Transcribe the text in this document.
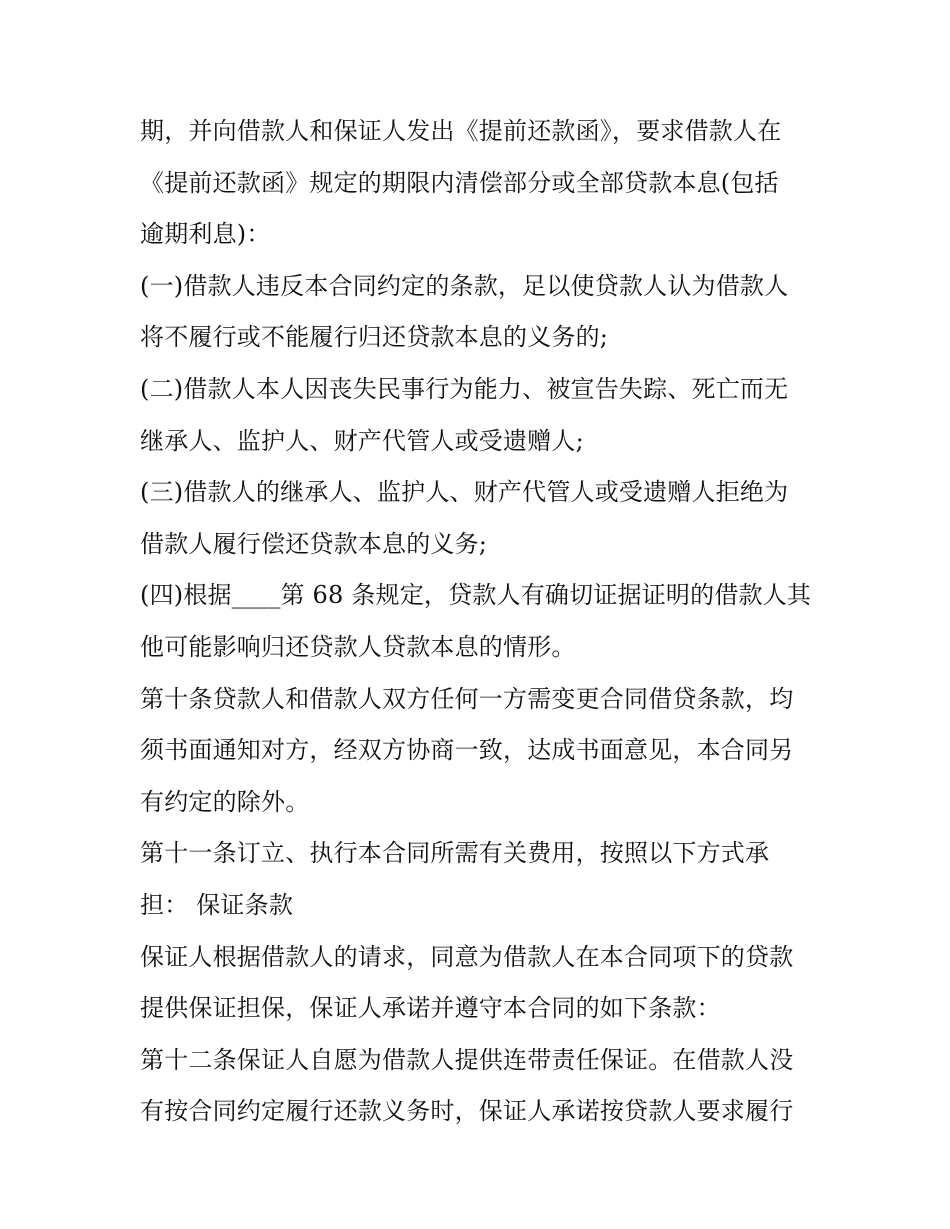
期，并向借款人和保证人发出《提前还款函》，要求借款人在
《提前还款函》规定的期限内清偿部分或全部贷款本息(包括
逾期利息)：
(一)借款人违反本合同约定的条款，足以使贷款人认为借款人
将不履行或不能履行归还贷款本息的义务的;
(二)借款人本人因丧失民事行为能力、被宣告失踪、死亡而无
继承人、监护人、财产代管人或受遗赠人;
(三)借款人的继承人、监护人、财产代管人或受遗赠人拒绝为
借款人履行偿还贷款本息的义务;
(四)根据____第 68 条规定，贷款人有确切证据证明的借款人其
他可能影响归还贷款人贷款本息的情形。
第十条贷款人和借款人双方任何一方需变更合同借贷条款，均
须书面通知对方，经双方协商一致，达成书面意见，本合同另
有约定的除外。
第十一条订立、执行本合同所需有关费用，按照以下方式承
担： 保证条款
保证人根据借款人的请求，同意为借款人在本合同项下的贷款
提供保证担保，保证人承诺并遵守本合同的如下条款：
第十二条保证人自愿为借款人提供连带责任保证。在借款人没
有按合同约定履行还款义务时，保证人承诺按贷款人要求履行
